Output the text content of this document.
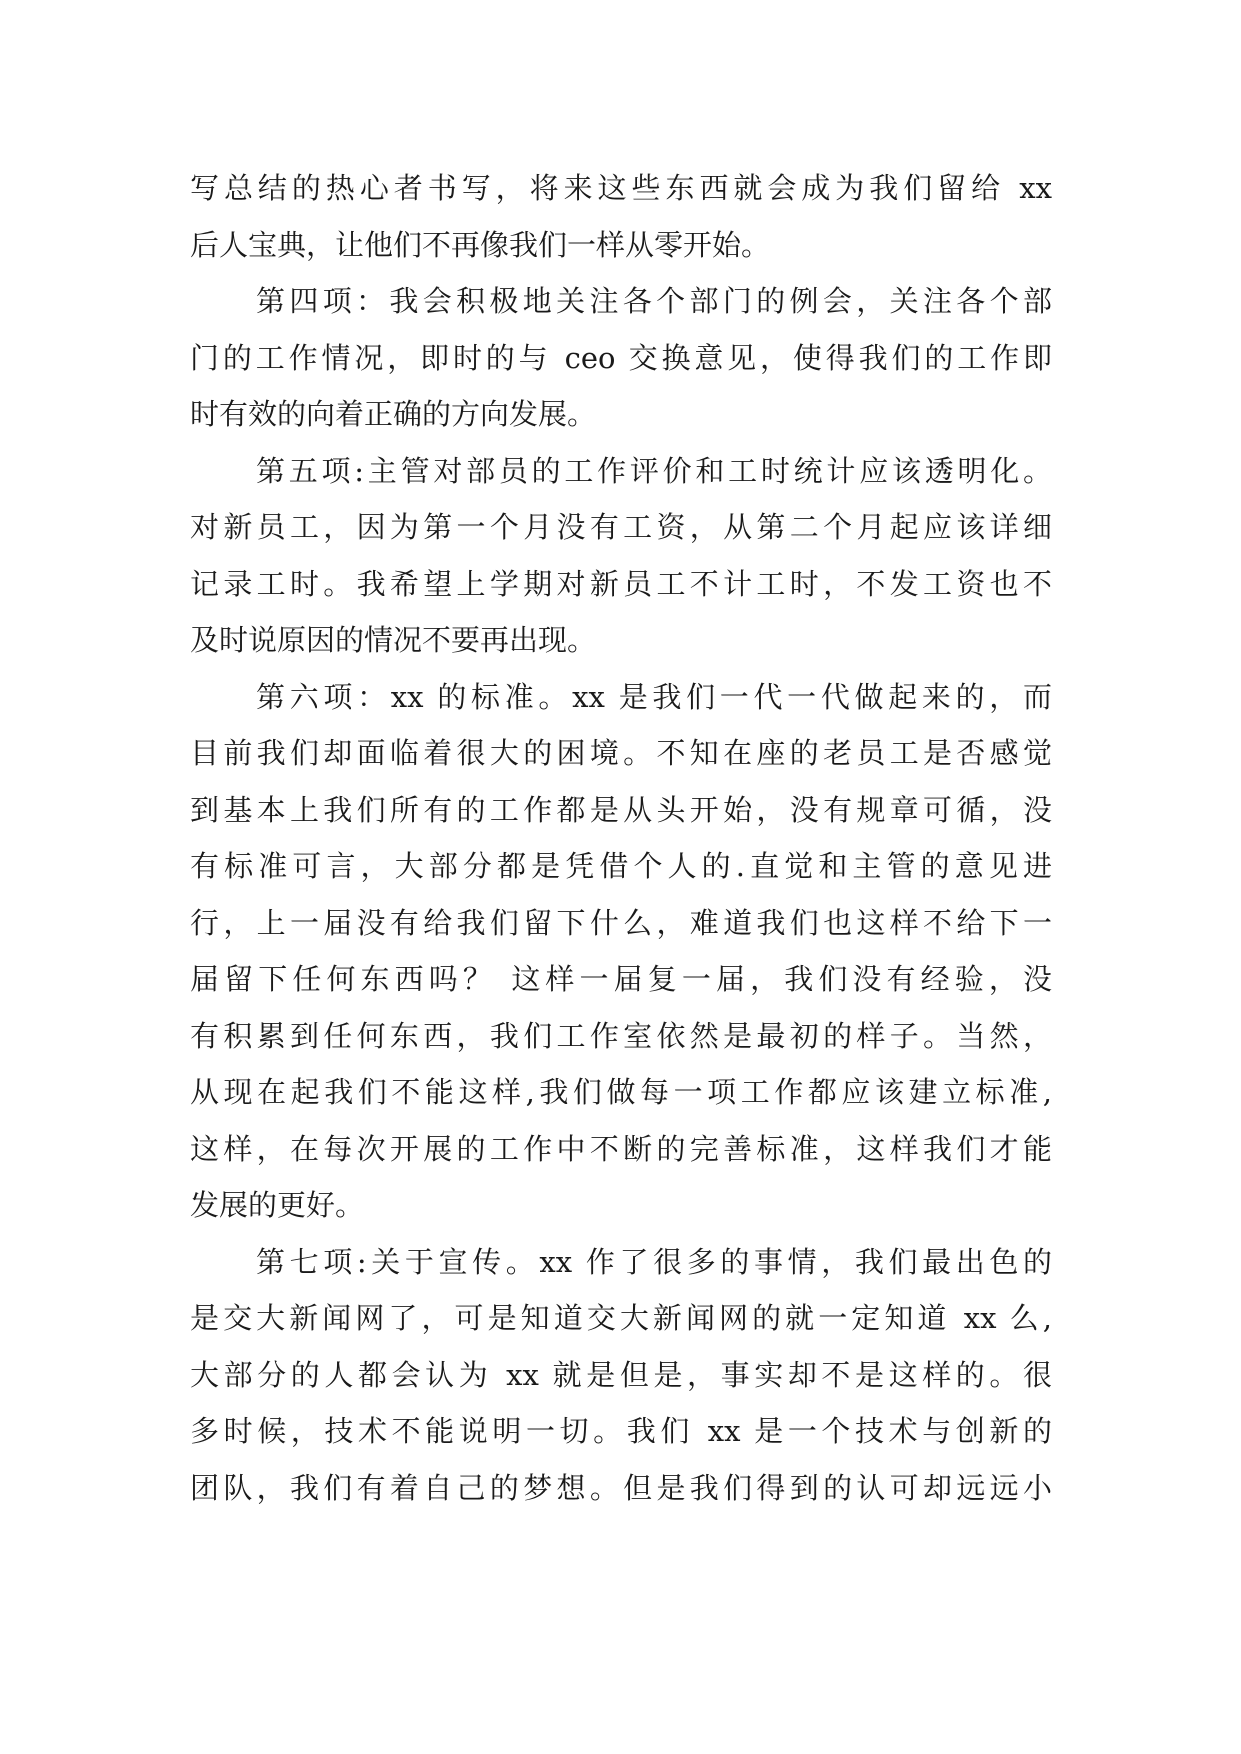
写总结的热心者书写，将来这些东西就会成为我们留给 xx
后人宝典，让他们不再像我们一样从零开始。
第四项：我会积极地关注各个部门的例会，关注各个部
门的工作情况，即时的与 ceo 交换意见，使得我们的工作即
时有效的向着正确的方向发展。
第五项:主管对部员的工作评价和工时统计应该透明化。
对新员工，因为第一个月没有工资，从第二个月起应该详细
记录工时。我希望上学期对新员工不计工时，不发工资也不
及时说原因的情况不要再出现。
第六项：xx 的标准。xx 是我们一代一代做起来的，而
目前我们却面临着很大的困境。不知在座的老员工是否感觉
到基本上我们所有的工作都是从头开始，没有规章可循，没
有标准可言，大部分都是凭借个人的.直觉和主管的意见进
行，上一届没有给我们留下什么，难道我们也这样不给下一
届留下任何东西吗？ 这样一届复一届，我们没有经验，没
有积累到任何东西，我们工作室依然是最初的样子。当然，
从现在起我们不能这样,我们做每一项工作都应该建立标准,
这样，在每次开展的工作中不断的完善标准，这样我们才能
发展的更好。
第七项:关于宣传。xx 作了很多的事情，我们最出色的
是交大新闻网了，可是知道交大新闻网的就一定知道 xx 么,
大部分的人都会认为 xx 就是但是，事实却不是这样的。很
多时候，技术不能说明一切。我们 xx 是一个技术与创新的
团队，我们有着自己的梦想。但是我们得到的认可却远远小
